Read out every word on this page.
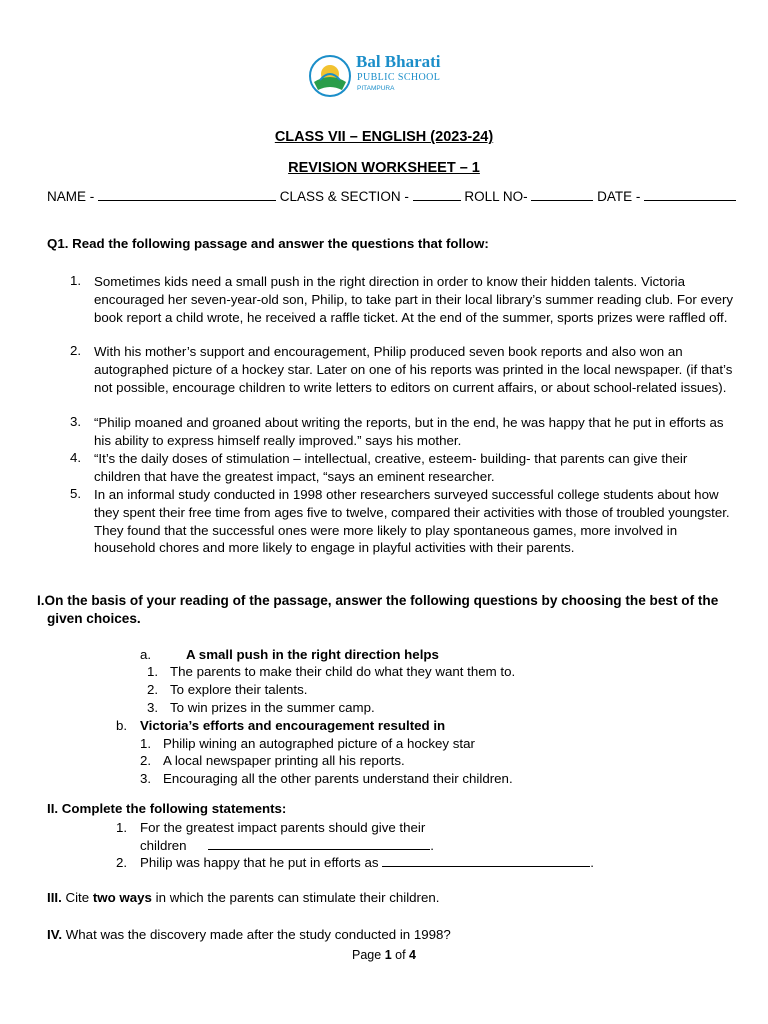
Bal Bharati
PUBLIC SCHOOL
PITAMPURA
CLASS VII – ENGLISH (2023-24)
REVISION WORKSHEET – 1
NAME -	CLASS & SECTION -	ROLL NO-	DATE -
Q1. Read the following passage and answer the questions that follow:
1. Sometimes kids need a small push in the right direction in order to know their hidden talents. Victoria encouraged her seven-year-old son, Philip, to take part in their local library’s summer reading club. For every book report a child wrote, he received a raffle ticket. At the end of the summer, sports prizes were raffled off.
2. With his mother’s support and encouragement, Philip produced seven book reports and also won an autographed picture of a hockey star. Later on one of his reports was printed in the local newspaper. (if that’s not possible, encourage children to write letters to editors on current affairs, or about school-related issues).
3. “Philip moaned and groaned about writing the reports, but in the end, he was happy that he put in efforts as his ability to express himself really improved.” says his mother.
4. “It’s the daily doses of stimulation – intellectual, creative, esteem- building- that parents can give their children that have the greatest impact, “says an eminent researcher.
5. In an informal study conducted in 1998 other researchers surveyed successful college students about how they spent their free time from ages five to twelve, compared their activities with those of troubled youngster. They found that the successful ones were more likely to play spontaneous games, more involved in household chores and more likely to engage in playful activities with their parents.
I.On the basis of your reading of the passage, answer the following questions by choosing the best of the
given choices.
a.	A small push in the right direction helps
1. The parents to make their child do what they want them to.
2. To explore their talents.
3. To win prizes in the summer camp.
b. Victoria’s efforts and encouragement resulted in
1. Philip wining an autographed picture of a hockey star
2. A local newspaper printing all his reports.
3. Encouraging all the other parents understand their children.
II. Complete the following statements:
1. For the greatest impact parents should give their
children	.
2. Philip was happy that he put in efforts as	.
III. Cite two ways in which the parents can stimulate their children.
IV. What was the discovery made after the study conducted in 1998?
Page 1 of 4
